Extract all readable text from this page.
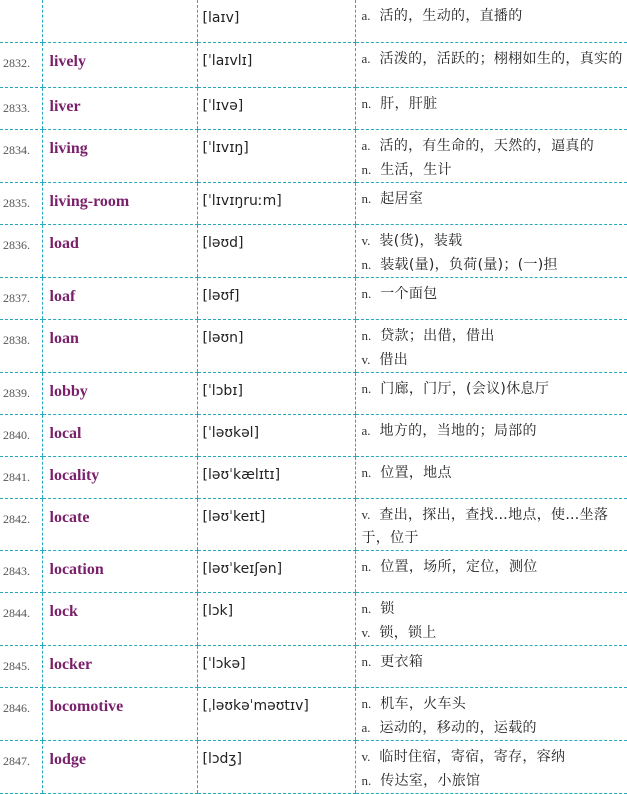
		[laɪv]	a. 活的，生动的，直播的

2832.	lively	[ˈlaɪvlɪ]	a. 活泼的，活跃的；栩栩如生的，真实的

2833.	liver	[ˈlɪvə]	n. 肝，肝脏

2834.	living	[ˈlɪvɪŋ]	a. 活的，有生命的，天然的，逼真的
n. 生活，生计

2835.	living-room	[ˈlɪvɪŋruːm]	n. 起居室

2836.	load	[ləʊd]	v. 装(货)，装载
n. 装载(量)，负荷(量)；(一)担

2837.	loaf	[ləʊf]	n. 一个面包

2838.	loan	[ləʊn]	n. 贷款；出借，借出
v. 借出

2839.	lobby	[ˈlɔbɪ]	n. 门廊，门厅，(会议)休息厅

2840.	local	[ˈləʊkəl]	a. 地方的，当地的；局部的

2841.	locality	[ləʊˈkælɪtɪ]	n. 位置，地点

2842.	locate	[ləʊˈkeɪt]	v. 查出，探出，查找…地点，使…坐落于，位于

2843.	location	[ləʊˈkeɪʃən]	n. 位置，场所，定位，测位

2844.	lock	[lɔk]	n. 锁
v. 锁，锁上

2845.	locker	[ˈlɔkə]	n. 更衣箱

2846.	locomotive	[ˌləʊkəˈməʊtɪv]	n. 机车，火车头
a. 运动的，移动的，运载的

2847.	lodge	[lɔdʒ]	v. 临时住宿，寄宿，寄存，容纳
n. 传达室，小旅馆
